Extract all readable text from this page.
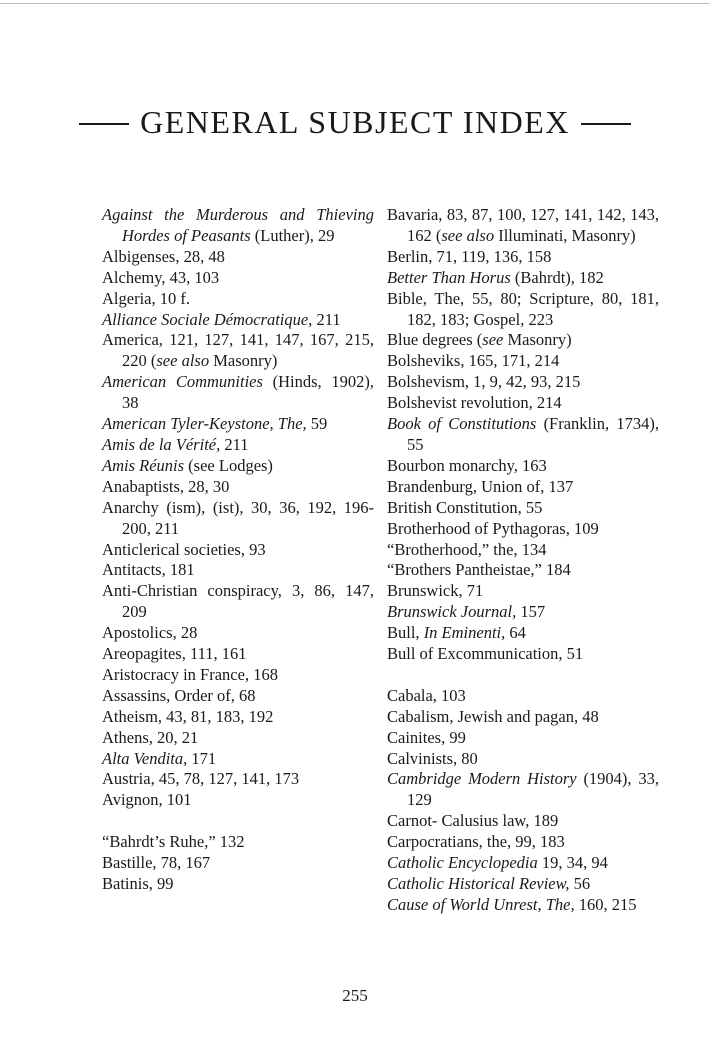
GENERAL SUBJECT INDEX
Against the Murderous and Thieving Hordes of Peasants (Luther), 29
Albigenses, 28, 48
Alchemy, 43, 103
Algeria, 10 f.
Alliance Sociale Démocratique, 211
America, 121, 127, 141, 147, 167, 215, 220 (see also Masonry)
American Communities (Hinds, 1902), 38
American Tyler-Keystone, The, 59
Amis de la Vérité, 211
Amis Réunis (see Lodges)
Anabaptists, 28, 30
Anarchy (ism), (ist), 30, 36, 192, 196-200, 211
Anticlerical societies, 93
Antitacts, 181
Anti-Christian conspiracy, 3, 86, 147, 209
Apostolics, 28
Areopagites, 111, 161
Aristocracy in France, 168
Assassins, Order of, 68
Atheism, 43, 81, 183, 192
Athens, 20, 21
Alta Vendita, 171
Austria, 45, 78, 127, 141, 173
Avignon, 101
“Bahrdt’s Ruhe,” 132
Bastille, 78, 167
Batinis, 99
Bavaria, 83, 87, 100, 127, 141, 142, 143, 162 (see also Illuminati, Masonry)
Berlin, 71, 119, 136, 158
Better Than Horus (Bahrdt), 182
Bible, The, 55, 80; Scripture, 80, 181, 182, 183; Gospel, 223
Blue degrees (see Masonry)
Bolsheviks, 165, 171, 214
Bolshevism, 1, 9, 42, 93, 215
Bolshevist revolution, 214
Book of Constitutions (Franklin, 1734), 55
Bourbon monarchy, 163
Brandenburg, Union of, 137
British Constitution, 55
Brotherhood of Pythagoras, 109
“Brotherhood,” the, 134
“Brothers Pantheistae,” 184
Brunswick, 71
Brunswick Journal, 157
Bull, In Eminenti, 64
Bull of Excommunication, 51
Cabala, 103
Cabalism, Jewish and pagan, 48
Cainites, 99
Calvinists, 80
Cambridge Modern History (1904), 33, 129
Carnot- Calusius law, 189
Carpocratians, the, 99, 183
Catholic Encyclopedia 19, 34, 94
Catholic Historical Review, 56
Cause of World Unrest, The, 160, 215
255
